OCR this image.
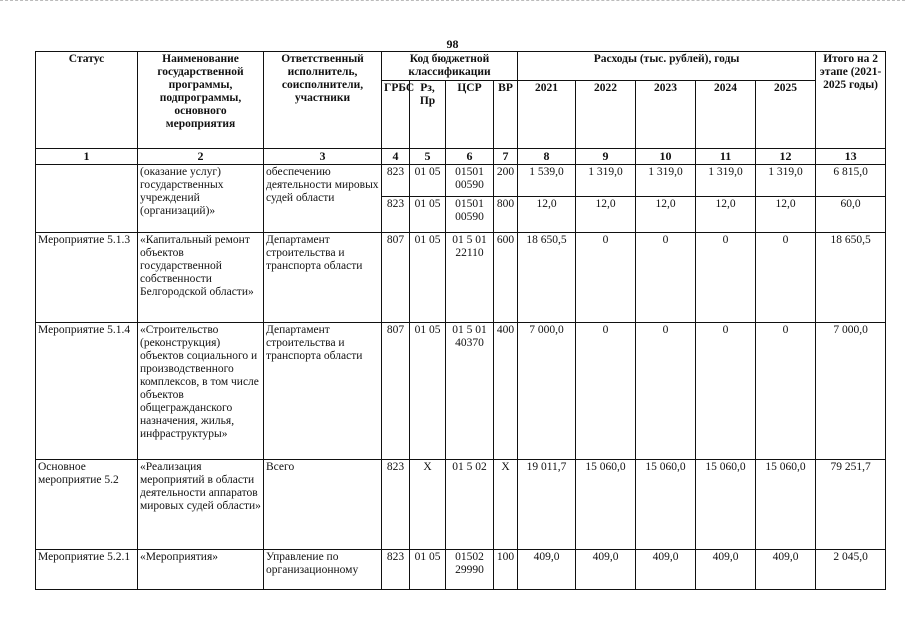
98
Статус	Наименование государственной программы, подпрограммы, основного мероприятия	Ответственный исполнитель, соисполнители, участники	Код бюджетной классификации				Расходы (тыс. рублей), годы					Итого на 2 этапе (2021-2025 годы)
			ГРБС	Рз, Пр	ЦСР	ВР	2021	2022	2023	2024	2025	
1	2	3	4	5	6	7	8	9	10	11	12	13
	(оказание услуг) государственных учреждений (организаций)»	обеспечению деятельности мировых судей области	823	01 05	01501 00590	200	1 539,0	1 319,0	1 319,0	1 319,0	1 319,0	6 815,0
			823	01 05	01501 00590	800	12,0	12,0	12,0	12,0	12,0	60,0
Мероприятие 5.1.3	«Капитальный ремонт объектов государственной собственности Белгородской области»	Департамент строительства и транспорта области	807	01 05	01 5 01 22110	600	18 650,5	0	0	0	0	18 650,5
Мероприятие 5.1.4	«Строительство (реконструкция) объектов социального и производственного комплексов, в том числе объектов общегражданского назначения, жилья, инфраструктуры»	Департамент строительства и транспорта области	807	01 05	01 5 01 40370	400	7 000,0	0	0	0	0	7 000,0
Основное мероприятие 5.2	«Реализация мероприятий в области деятельности аппаратов мировых судей области»	Всего	823	Х	01 5 02	Х	19 011,7	15 060,0	15 060,0	15 060,0	15 060,0	79 251,7
Мероприятие 5.2.1	«Мероприятия»	Управление по организационному	823	01 05	01502 29990	100	409,0	409,0	409,0	409,0	409,0	2 045,0
